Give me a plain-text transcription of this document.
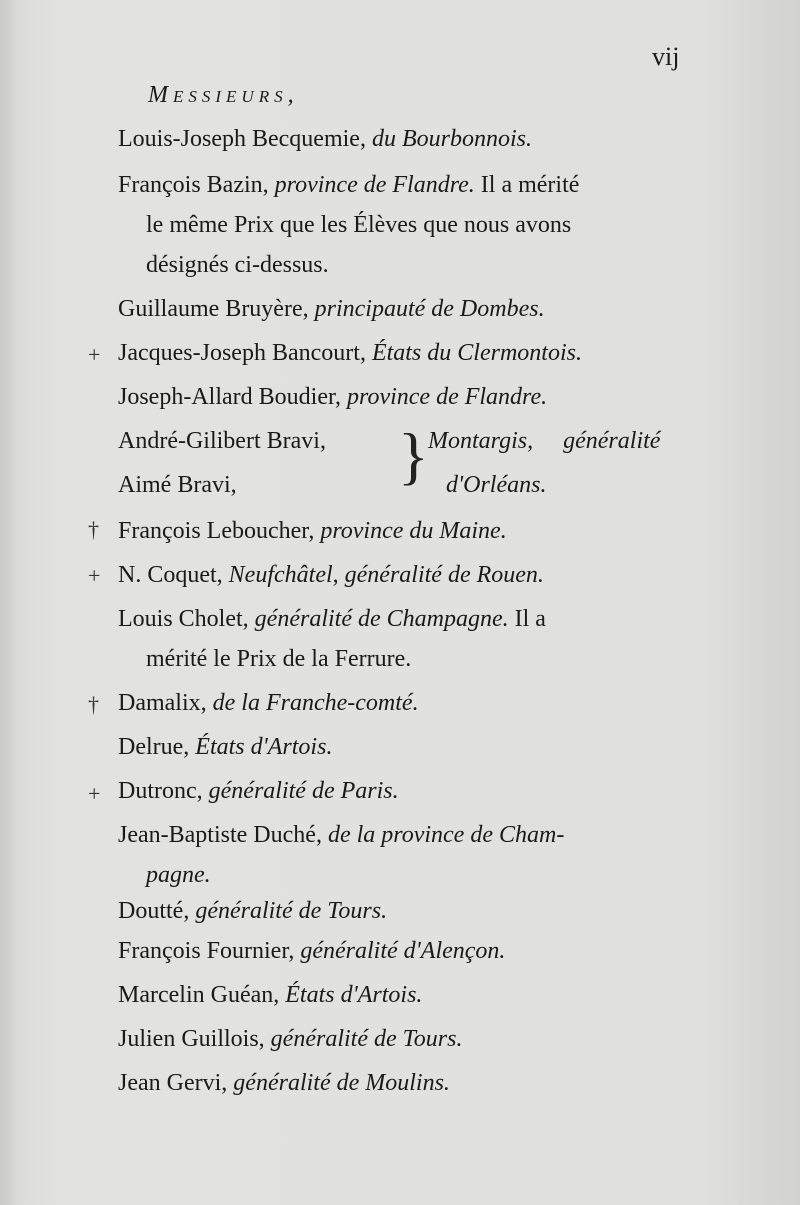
vij
Messieurs,
+
†
+
†
+
Louis-Joseph Becquemie, du Bourbonnois.
François Bazin, province de Flandre. Il a mérité
le même Prix que les Élèves que nous avons
désignés ci-dessus.
Guillaume Bruyère, principauté de Dombes.
Jacques-Joseph Bancourt, États du Clermontois.
Joseph-Allard Boudier, province de Flandre.
André-Gilibert Bravi,	Montargis, généralité
}
Aimé Bravi,	d'Orléans.
François Leboucher, province du Maine.
N. Coquet, Neufchâtel, généralité de Rouen.
Louis Cholet, généralité de Champagne. Il a
mérité le Prix de la Ferrure.
Damalix, de la Franche-comté.
Delrue, États d'Artois.
Dutronc, généralité de Paris.
Jean-Baptiste Duché, de la province de Cham-
pagne.
Doutté, généralité de Tours.
François Fournier, généralité d'Alençon.
Marcelin Guéan, États d'Artois.
Julien Guillois, généralité de Tours.
Jean Gervi, généralité de Moulins.
